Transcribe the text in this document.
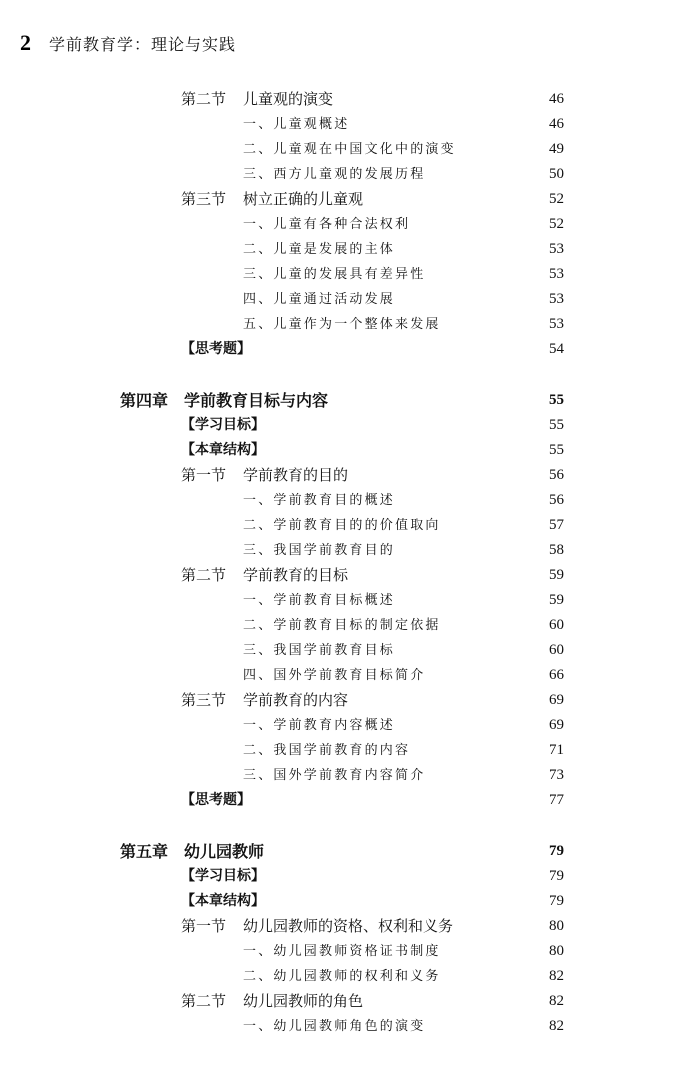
2 学前教育学：理论与实践
第二节 儿童观的演变	46
一、儿童观概述	46
二、儿童观在中国文化中的演变	49
三、西方儿童观的发展历程	50
第三节 树立正确的儿童观	52
一、儿童有各种合法权利	52
二、儿童是发展的主体	53
三、儿童的发展具有差异性	53
四、儿童通过活动发展	53
五、儿童作为一个整体来发展	53
【思考题】	54
第四章　学前教育目标与内容	55
【学习目标】	55
【本章结构】	55
第一节 学前教育的目的	56
一、学前教育目的概述	56
二、学前教育目的的价值取向	57
三、我国学前教育目的	58
第二节 学前教育的目标	59
一、学前教育目标概述	59
二、学前教育目标的制定依据	60
三、我国学前教育目标	60
四、国外学前教育目标简介	66
第三节 学前教育的内容	69
一、学前教育内容概述	69
二、我国学前教育的内容	71
三、国外学前教育内容简介	73
【思考题】	77
第五章　幼儿园教师	79
【学习目标】	79
【本章结构】	79
第一节 幼儿园教师的资格、权利和义务	80
一、幼儿园教师资格证书制度	80
二、幼儿园教师的权利和义务	82
第二节 幼儿园教师的角色	82
一、幼儿园教师角色的演变	82
